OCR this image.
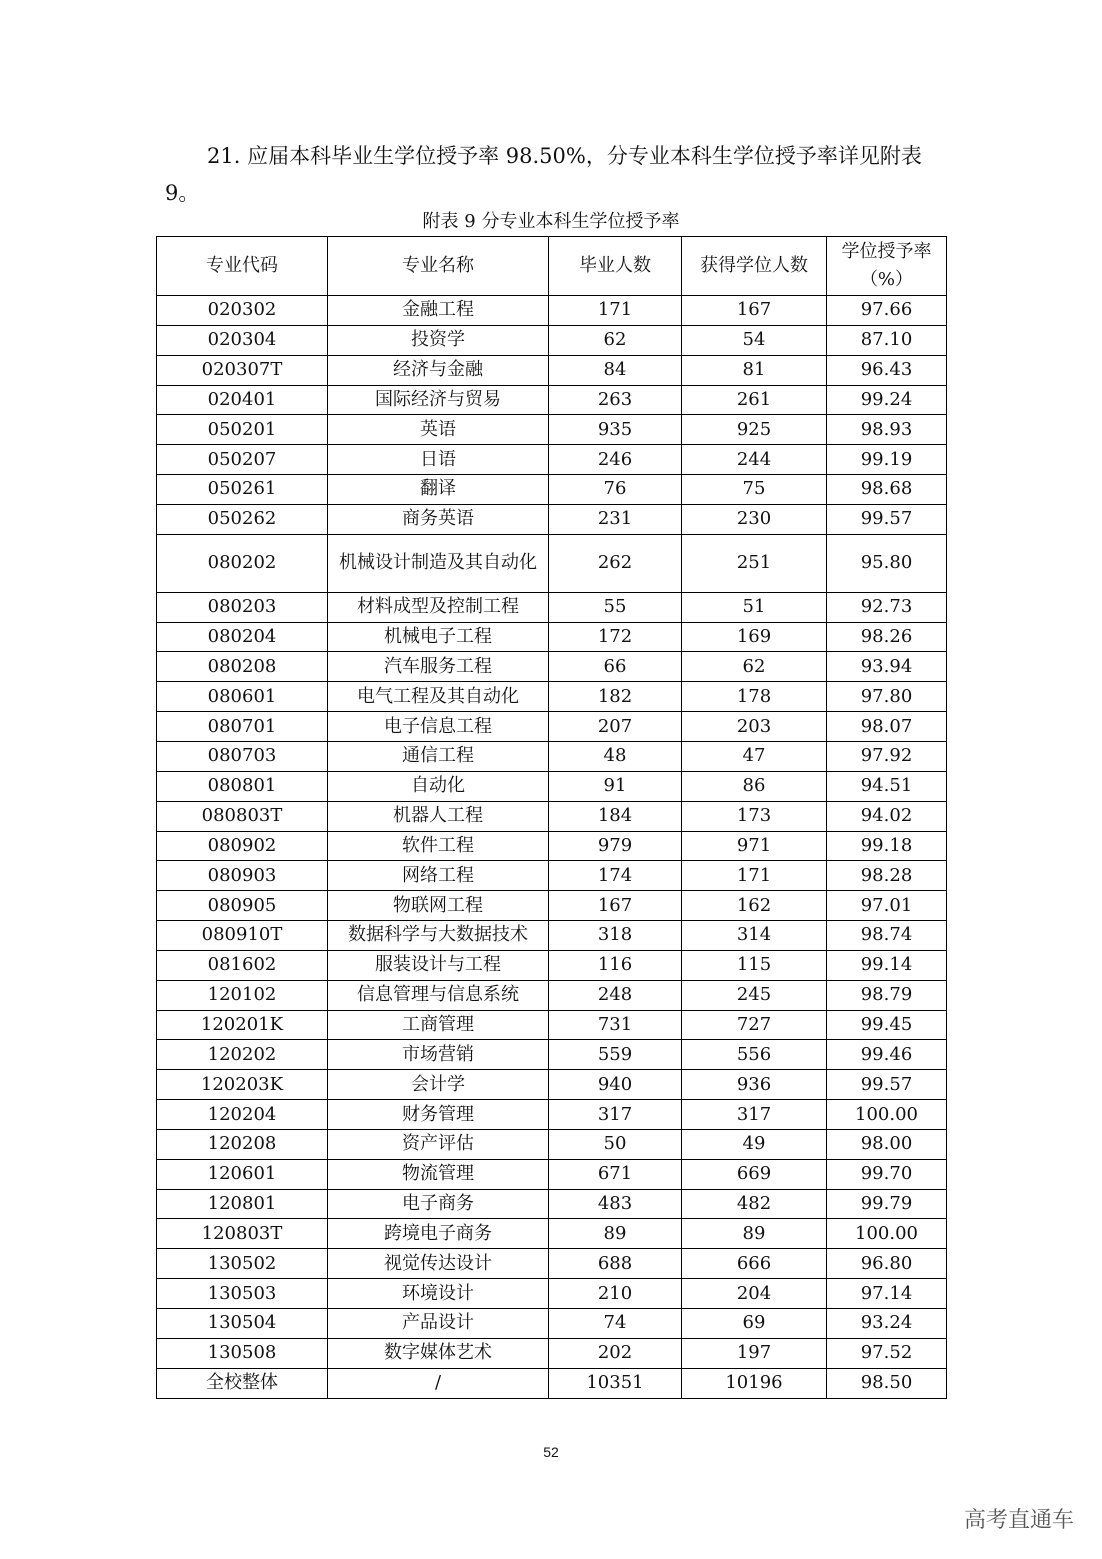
21. 应届本科毕业生学位授予率 98.50%，分专业本科生学位授予率详见附表 9。

附表 9 分专业本科生学位授予率
专业代码	专业名称	毕业人数	获得学位人数	学位授予率（%）
020302	金融工程	171	167	97.66
020304	投资学	62	54	87.10
020307T	经济与金融	84	81	96.43
020401	国际经济与贸易	263	261	99.24
050201	英语	935	925	98.93
050207	日语	246	244	99.19
050261	翻译	76	75	98.68
050262	商务英语	231	230	99.57
080202	机械设计制造及其自动化	262	251	95.80
080203	材料成型及控制工程	55	51	92.73
080204	机械电子工程	172	169	98.26
080208	汽车服务工程	66	62	93.94
080601	电气工程及其自动化	182	178	97.80
080701	电子信息工程	207	203	98.07
080703	通信工程	48	47	97.92
080801	自动化	91	86	94.51
080803T	机器人工程	184	173	94.02
080902	软件工程	979	971	99.18
080903	网络工程	174	171	98.28
080905	物联网工程	167	162	97.01
080910T	数据科学与大数据技术	318	314	98.74
081602	服装设计与工程	116	115	99.14
120102	信息管理与信息系统	248	245	98.79
120201K	工商管理	731	727	99.45
120202	市场营销	559	556	99.46
120203K	会计学	940	936	99.57
120204	财务管理	317	317	100.00
120208	资产评估	50	49	98.00
120601	物流管理	671	669	99.70
120801	电子商务	483	482	99.79
120803T	跨境电子商务	89	89	100.00
130502	视觉传达设计	688	666	96.80
130503	环境设计	210	204	97.14
130504	产品设计	74	69	93.24
130508	数字媒体艺术	202	197	97.52
全校整体	/	10351	10196	98.50
52
高考直通车
